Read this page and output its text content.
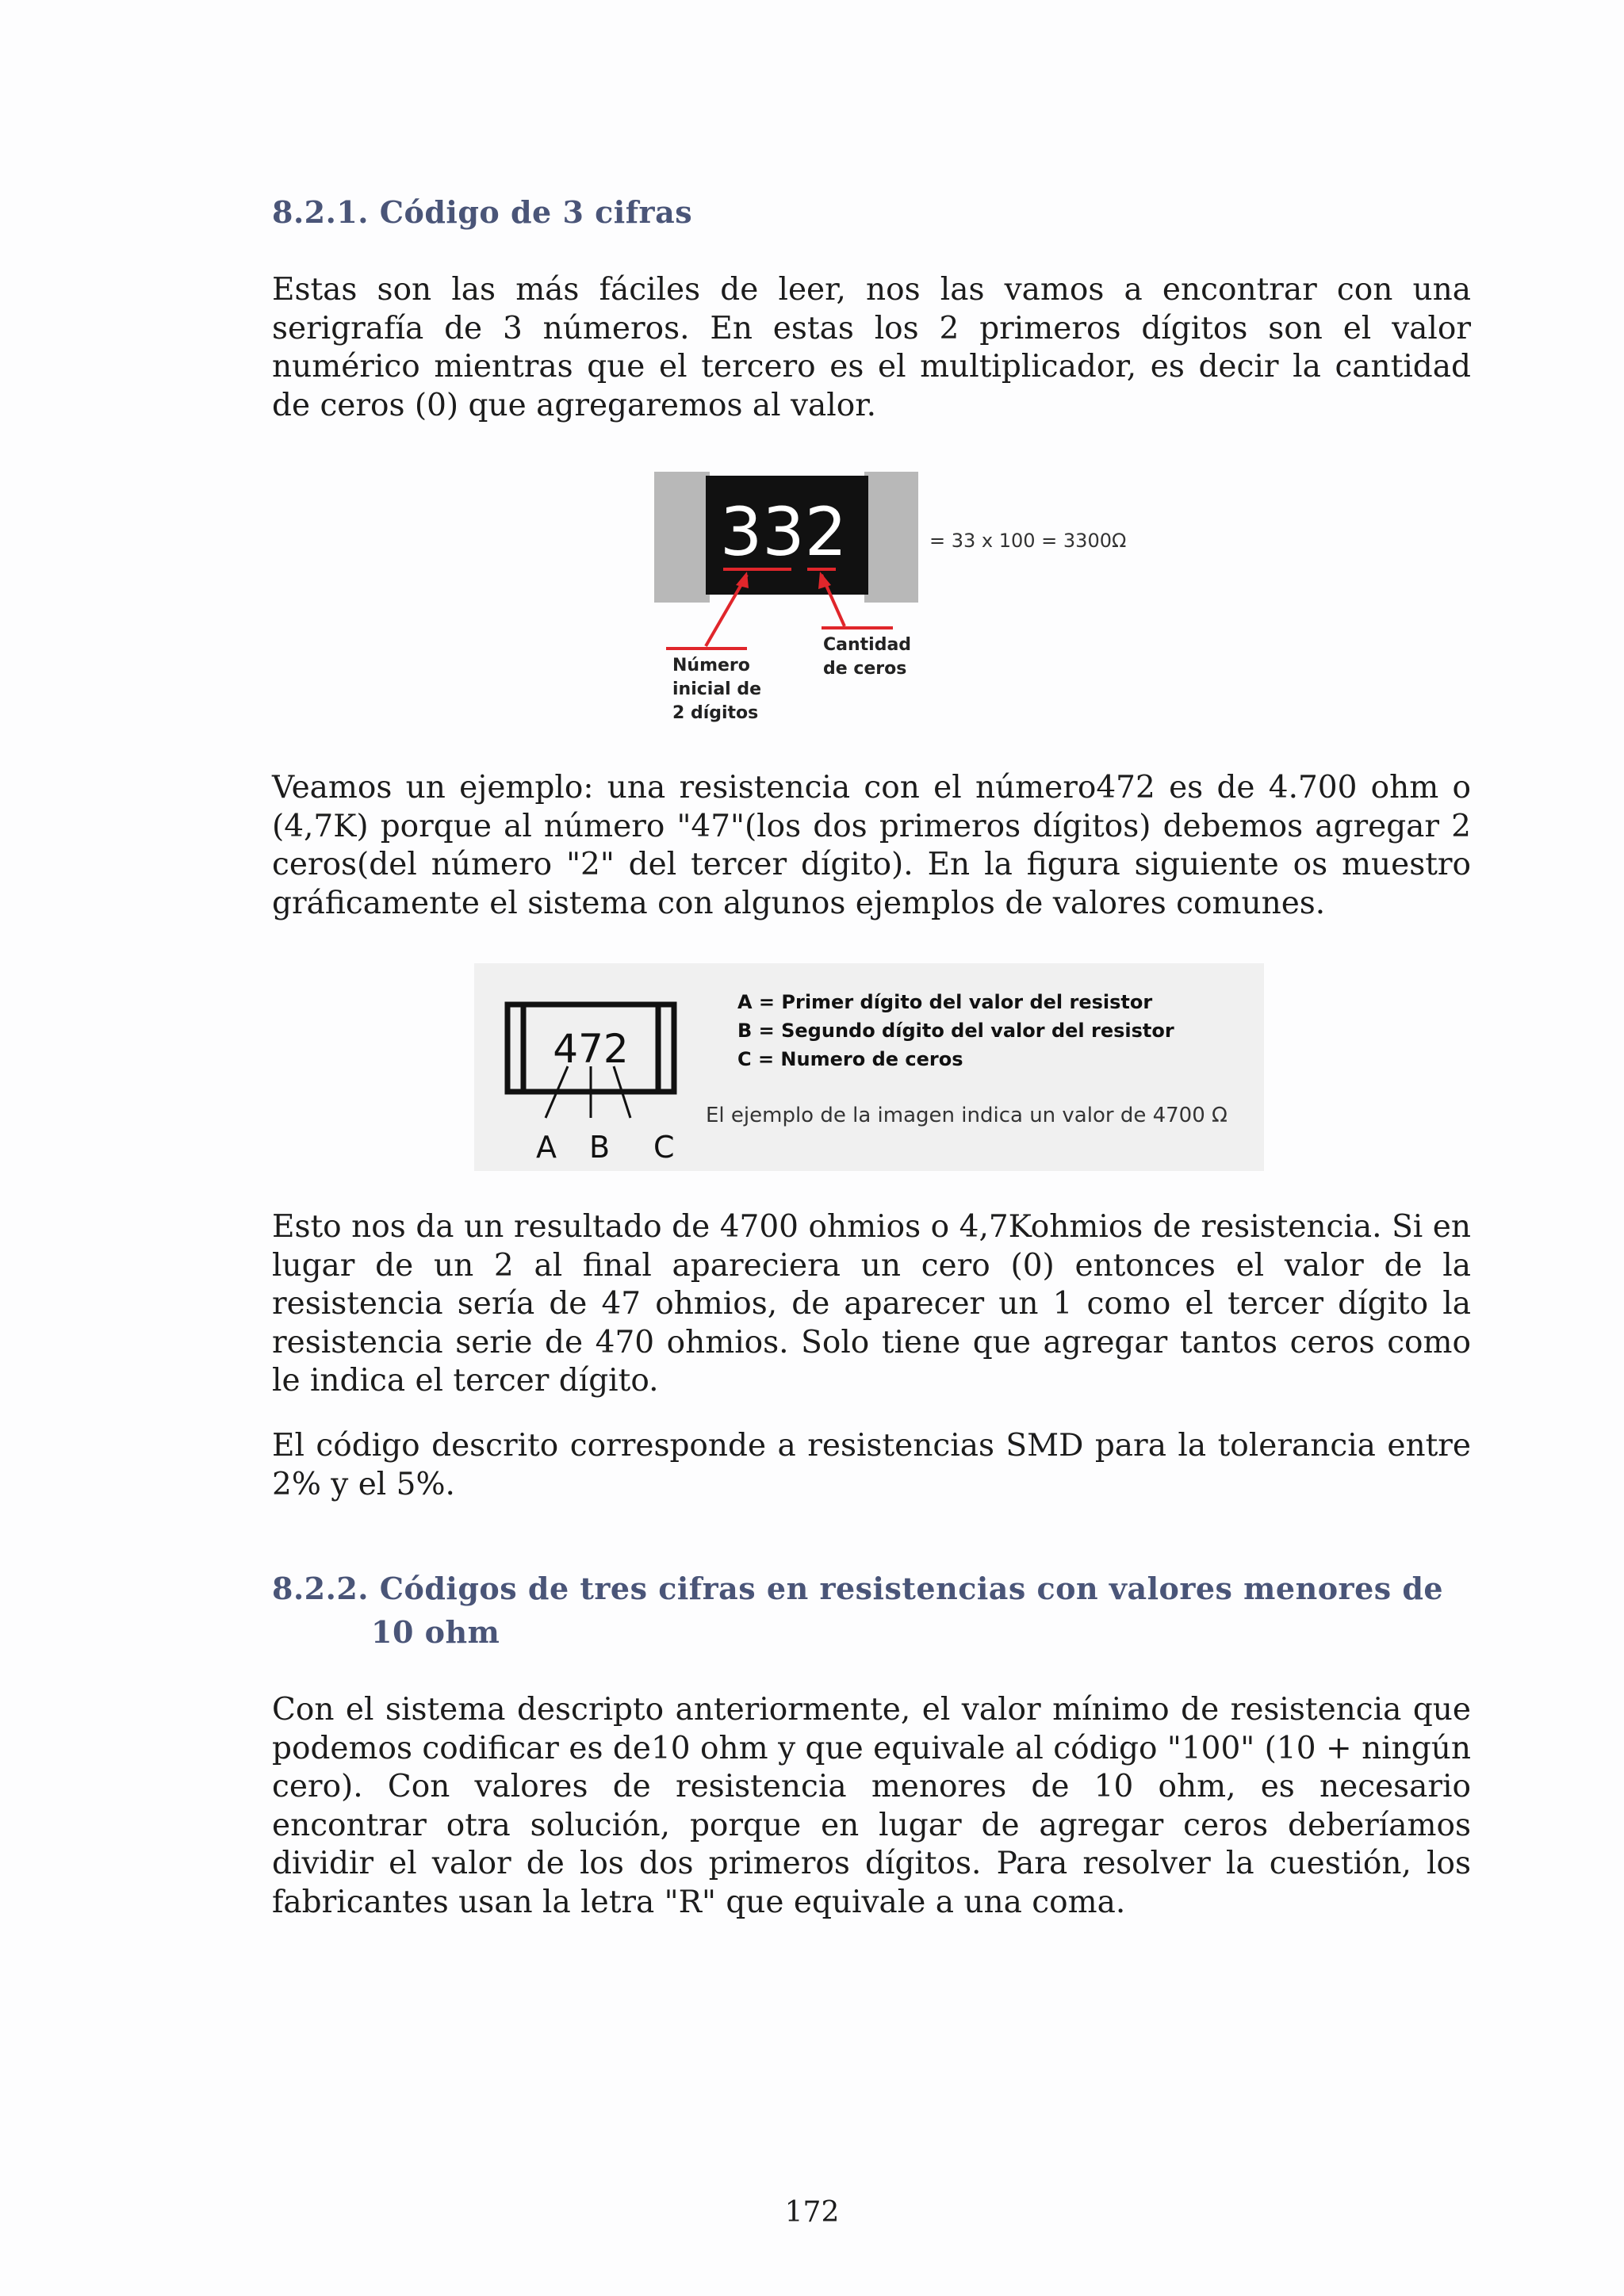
8.2.1. Código de 3 cifras

Estas son las más fáciles de leer, nos las vamos a encontrar con una serigrafía de 3 números. En estas los 2 primeros dígitos son el valor numérico mientras que el tercero es el multiplicador, es decir la cantidad de ceros (0) que agregaremos al valor.

332
Número inicial de 2 dígitos
Cantidad de ceros
= 33 x 100 = 3300Ω

Veamos un ejemplo: una resistencia con el número472 es de 4.700 ohm o (4,7K) porque al número "47"(los dos primeros dígitos) debemos agregar 2 ceros(del número "2" del tercer dígito). En la figura siguiente os muestro gráficamente el sistema con algunos ejemplos de valores comunes.

472
A B C
A = Primer dígito del valor del resistor B = Segundo dígito del valor del resistor C = Numero de ceros
El ejemplo de la imagen indica un valor de 4700 Ω

Esto nos da un resultado de 4700 ohmios o 4,7Kohmios de resistencia. Si en lugar de un 2 al final apareciera un cero (0) entonces el valor de la resistencia sería de 47 ohmios, de aparecer un 1 como el tercer dígito la resistencia serie de 470 ohmios. Solo tiene que agregar tantos ceros como le indica el tercer dígito.

El código descrito corresponde a resistencias SMD para la tolerancia entre 2% y el 5%.

8.2.2. Códigos de tres cifras en resistencias con valores menores de
10 ohm

Con el sistema descripto anteriormente, el valor mínimo de resistencia que podemos codificar es de10 ohm y que equivale al código "100" (10 + ningún cero). Con valores de resistencia menores de 10 ohm, es necesario encontrar otra solución, porque en lugar de agregar ceros deberíamos dividir el valor de los dos primeros dígitos. Para resolver la cuestión, los fabricantes usan la letra "R" que equivale a una coma.

172
